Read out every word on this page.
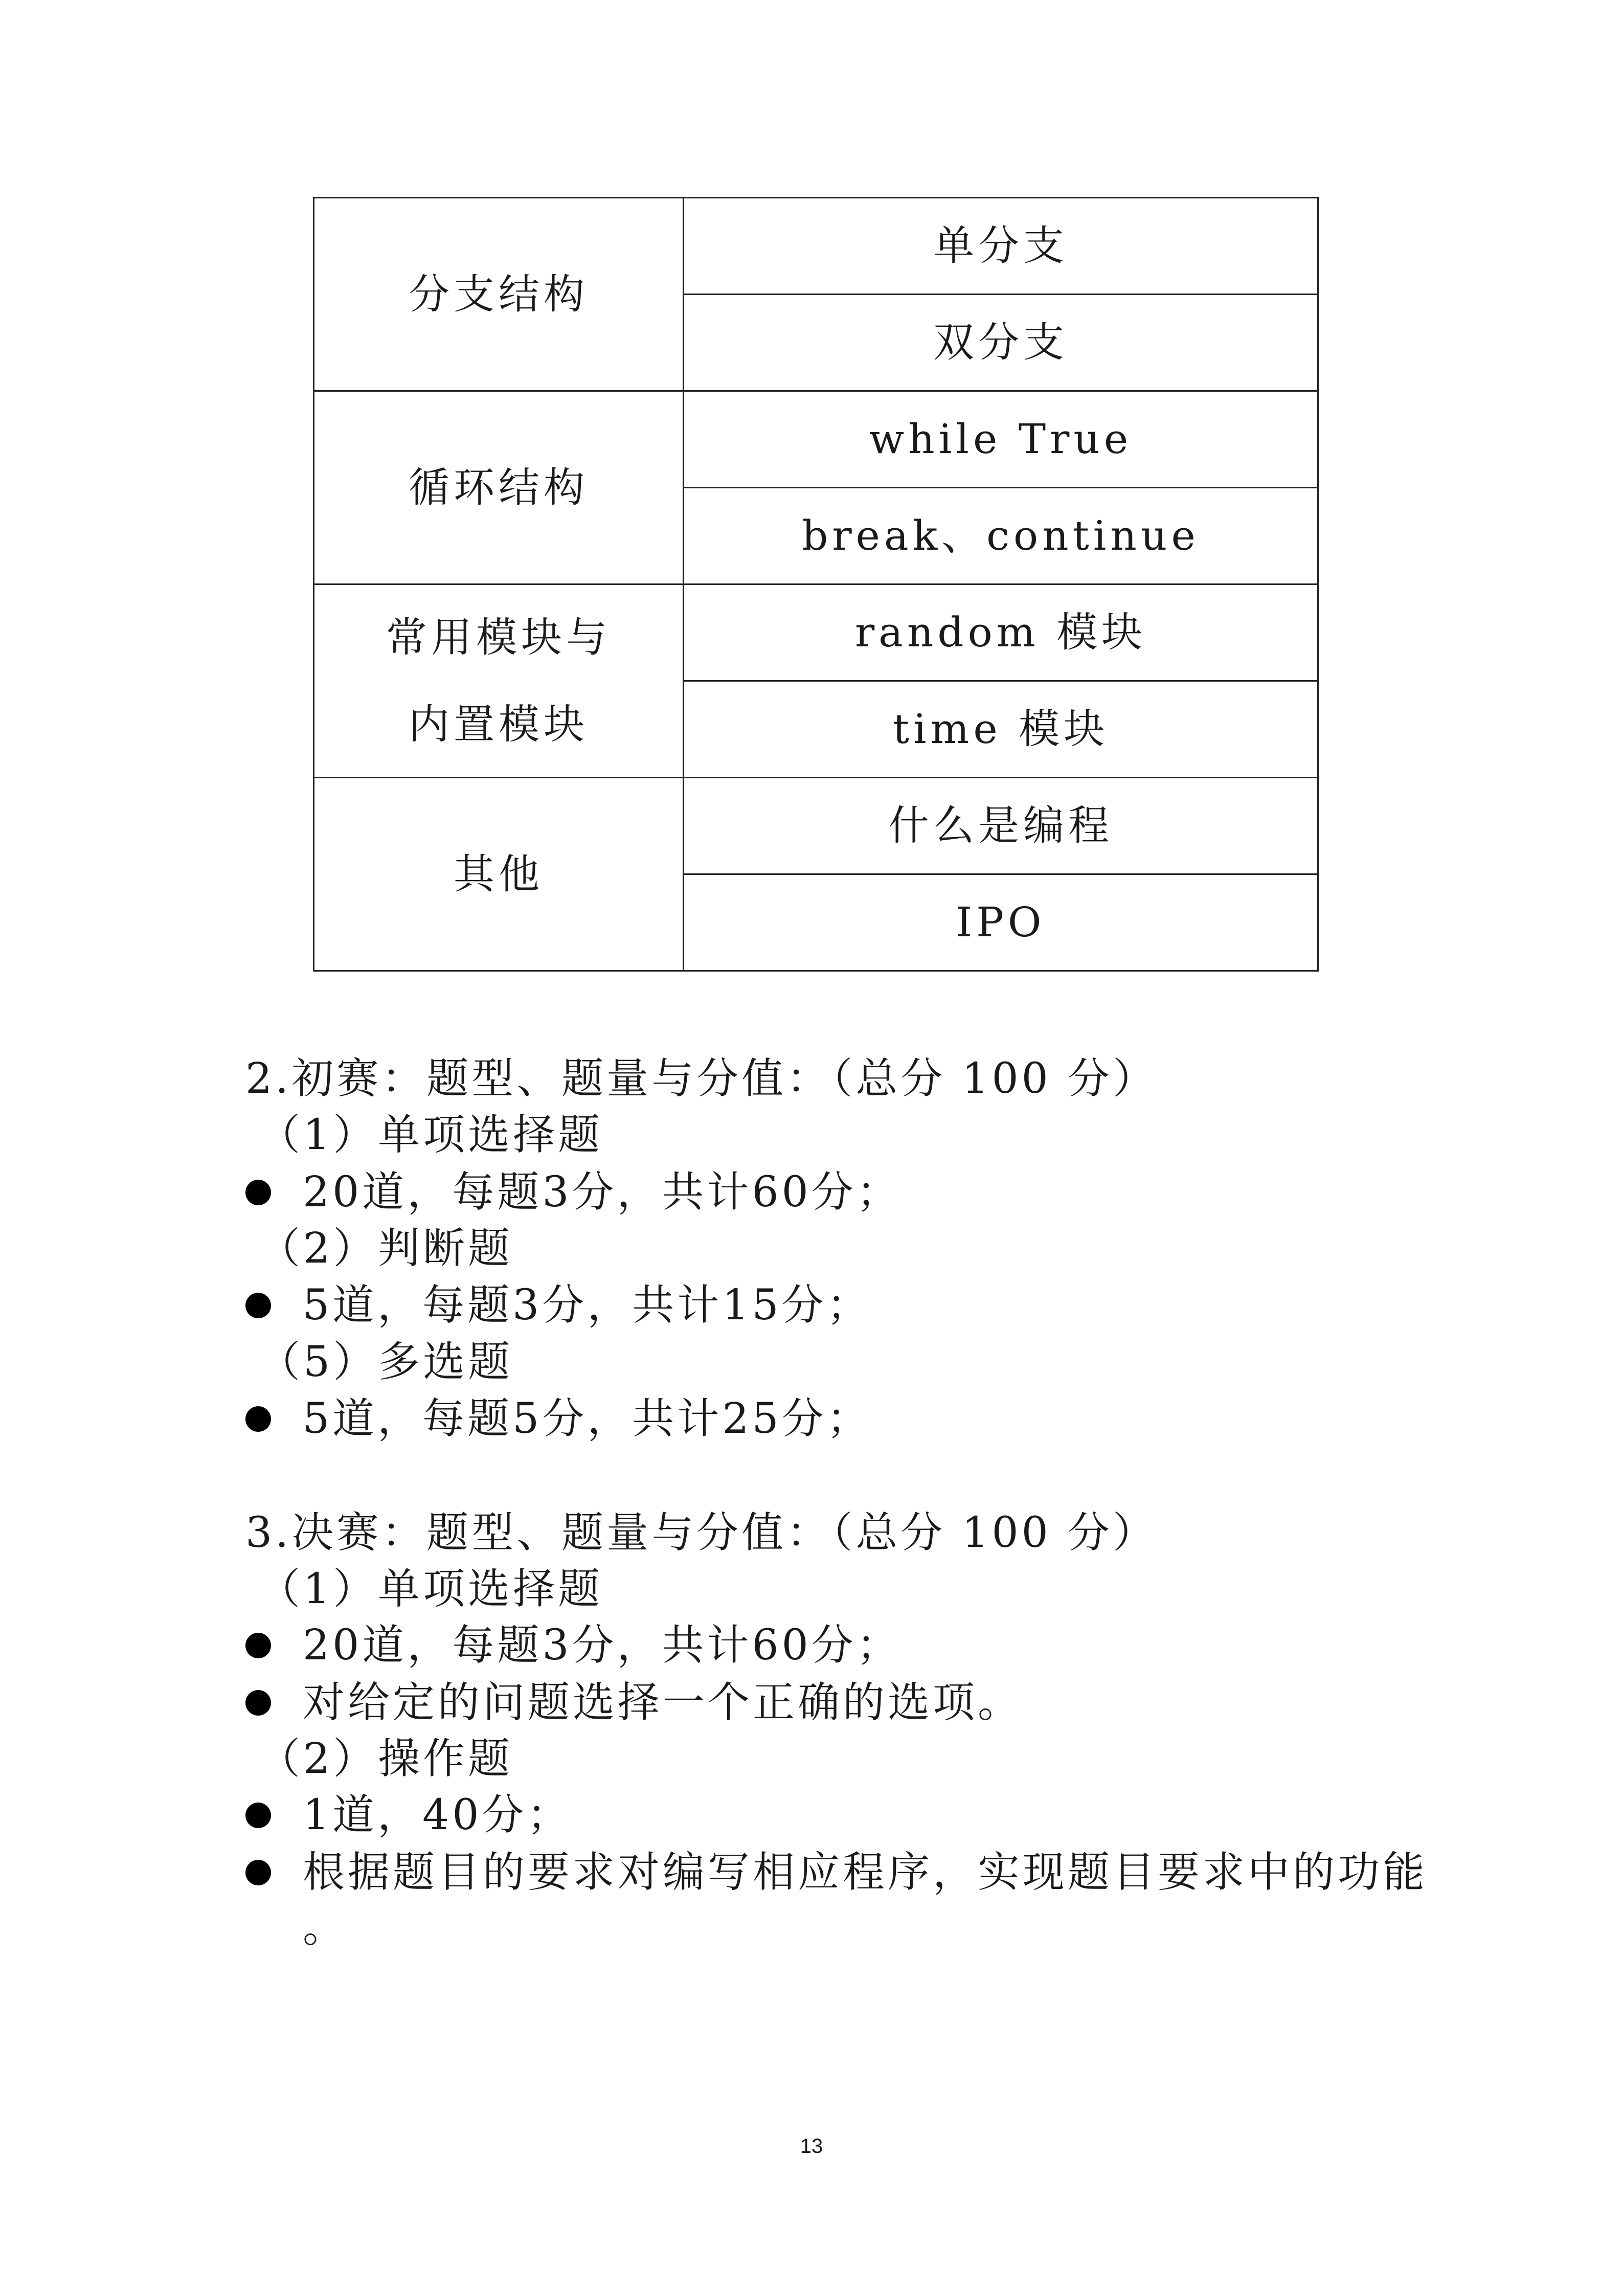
分支结构	单分支
	双分支
循环结构	while True
	break、continue

常用模块与
内置模块	random 模块
	time 模块
其他	什么是编程
	IPO
2.初赛：题型、题量与分值：（总分 100 分）
（1）单项选择题
20道，每题3分，共计60分；
（2）判断题
5道，每题3分，共计15分；
（5）多选题
5道，每题5分，共计25分；
3.决赛：题型、题量与分值：（总分 100 分）
（1）单项选择题
20道，每题3分，共计60分；
对给定的问题选择一个正确的选项。
（2）操作题
1道，40分；
根据题目的要求对编写相应程序，实现题目要求中的功能
。
13
